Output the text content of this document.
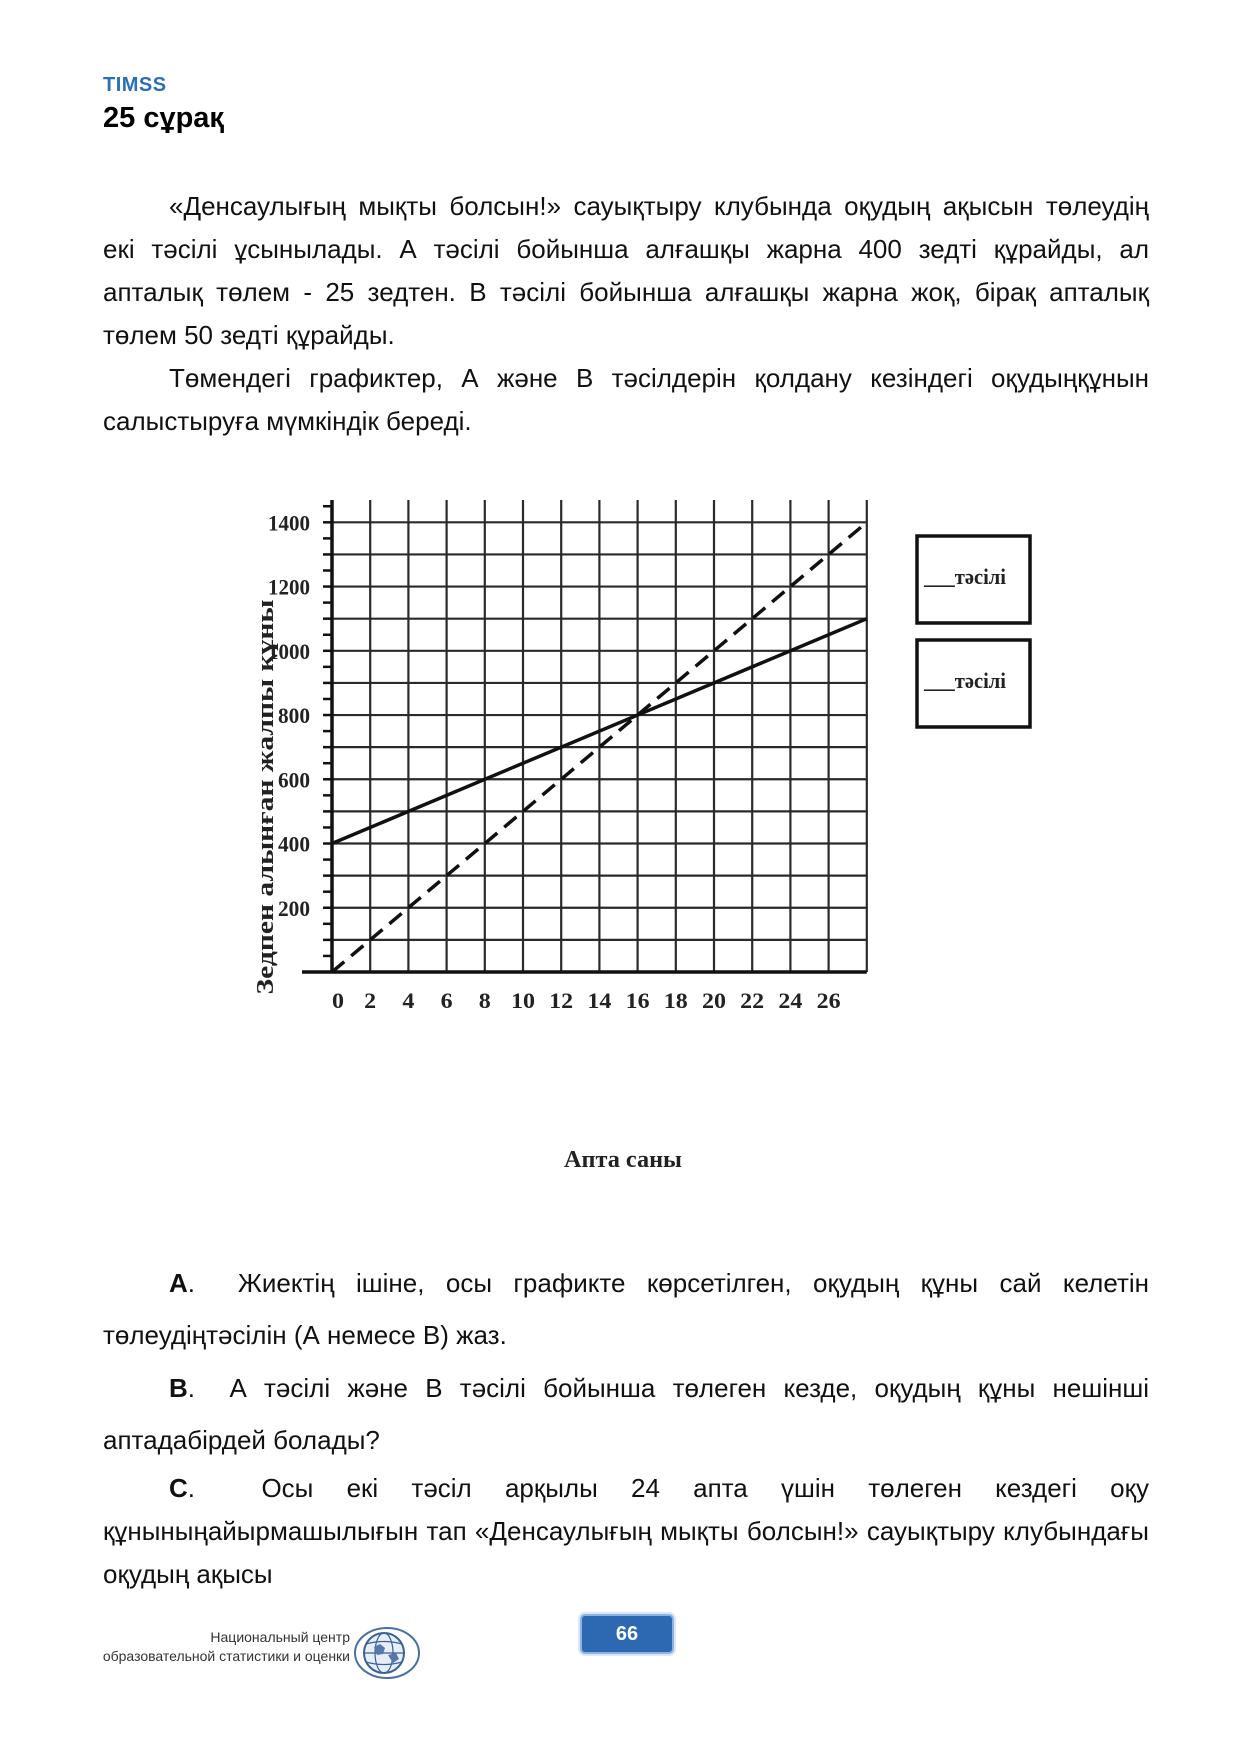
TIMSS
25 сұрақ
«Денсаулығың мықты болсын!» сауықтыру клубында оқудың ақысын төлеудің екі тәсілі ұсынылады. А тәсілі бойынша алғашқы жарна 400 зедті құрайды, ал апталық төлем - 25 зедтен. В тәсілі бойынша алғашқы жарна жоқ, бірақ апталық төлем 50 зедті құрайды.
Төмендегі графиктер, А және В тәсілдерін қолдану кезіндегі оқудыңқұнын салыстыруға мүмкіндік береді.
0 2 4 6 8 10 12 14 16 18 20 22 24 26
200
400
600
800
1000
1200
1400
___тәсілі
___тәсілі
Апта саны
Зедпен алынған жалпы құны
A.  Жиектің ішіне, осы графикте көрсетілген, оқудың құны сай келетін төлеудіңтәсілін (А немесе В) жаз.
B.  А тәсілі және В тәсілі бойынша төлеген кезде, оқудың құны нешінші аптадабірдей болады?
C.  Осы екі тәсіл арқылы 24 апта үшін төлеген кездегі оқу құныныңайырмашылығын тап «Денсаулығың мықты болсын!» сауықтыру клубындағы оқудың ақысы
66
Национальный центр
образовательной статистики и оценки
